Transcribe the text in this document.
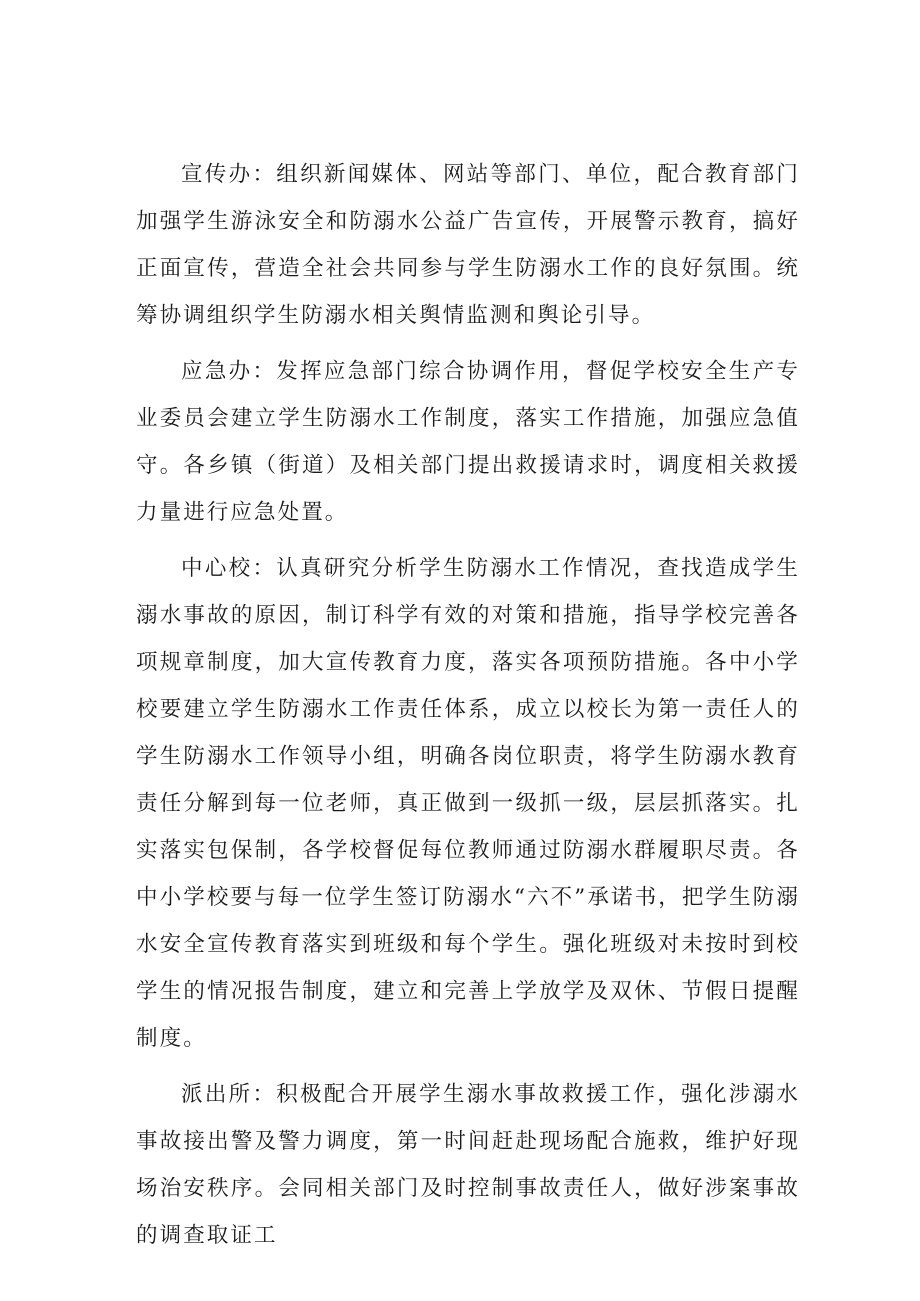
宣传办：组织新闻媒体、网站等部门、单位，配合教育部门加强学生游泳安全和防溺水公益广告宣传，开展警示教育，搞好正面宣传，营造全社会共同参与学生防溺水工作的良好氛围。统筹协调组织学生防溺水相关舆情监测和舆论引导。

应急办：发挥应急部门综合协调作用，督促学校安全生产专业委员会建立学生防溺水工作制度，落实工作措施，加强应急值守。各乡镇（街道）及相关部门提出救援请求时，调度相关救援力量进行应急处置。

中心校：认真研究分析学生防溺水工作情况，查找造成学生溺水事故的原因，制订科学有效的对策和措施，指导学校完善各项规章制度，加大宣传教育力度，落实各项预防措施。各中小学校要建立学生防溺水工作责任体系，成立以校长为第一责任人的学生防溺水工作领导小组，明确各岗位职责，将学生防溺水教育责任分解到每一位老师，真正做到一级抓一级，层层抓落实。扎实落实包保制，各学校督促每位教师通过防溺水群履职尽责。各中小学校要与每一位学生签订防溺水“六不”承诺书，把学生防溺水安全宣传教育落实到班级和每个学生。强化班级对未按时到校学生的情况报告制度，建立和完善上学放学及双休、节假日提醒制度。

派出所：积极配合开展学生溺水事故救援工作，强化涉溺水事故接出警及警力调度，第一时间赶赴现场配合施救，维护好现场治安秩序。会同相关部门及时控制事故责任人，做好涉案事故的调查取证工
